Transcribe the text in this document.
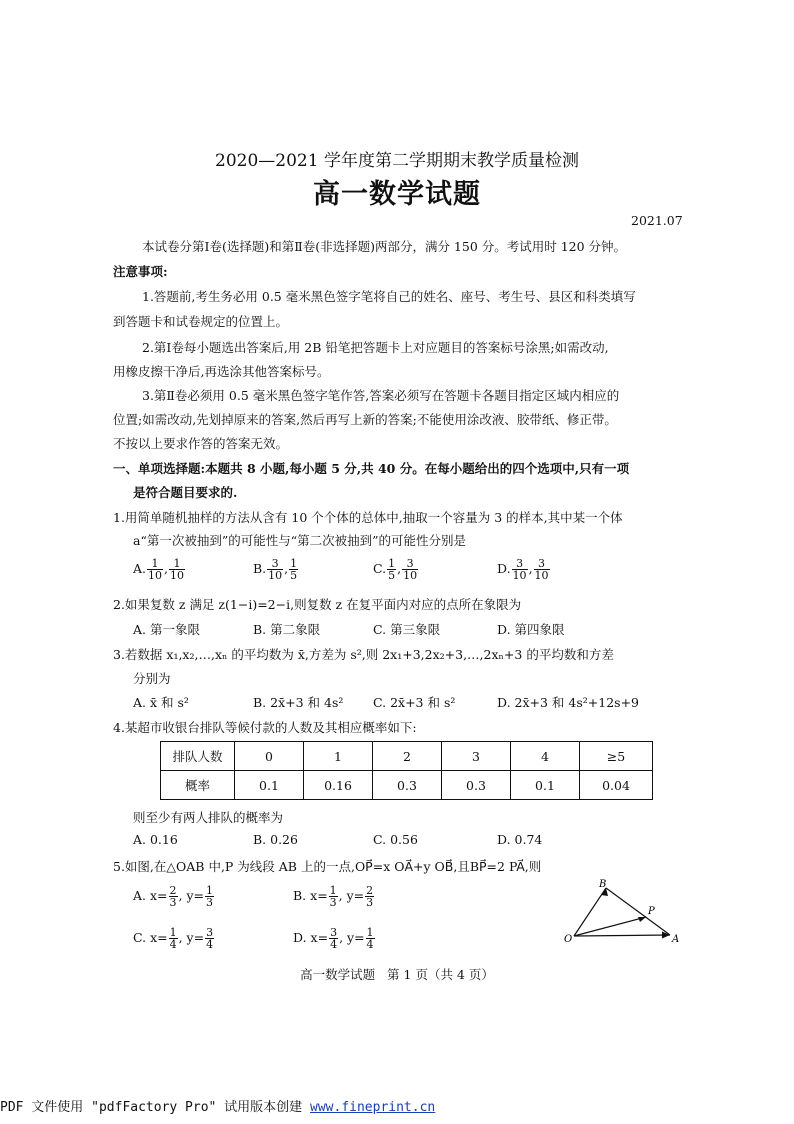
2020—2021 学年度第二学期期末教学质量检测
高一数学试题
2021.07
本试卷分第Ⅰ卷(选择题)和第Ⅱ卷(非选择题)两部分，满分 150 分。考试用时 120 分钟。
注意事项:
1.答题前,考生务必用 0.5 毫米黑色签字笔将自己的姓名、座号、考生号、县区和科类填写
到答题卡和试卷规定的位置上。
2.第Ⅰ卷每小题选出答案后,用 2B 铅笔把答题卡上对应题目的答案标号涂黑;如需改动,
用橡皮擦干净后,再选涂其他答案标号。
3.第Ⅱ卷必须用 0.5 毫米黑色签字笔作答,答案必须写在答题卡各题目指定区域内相应的
位置;如需改动,先划掉原来的答案,然后再写上新的答案;不能使用涂改液、胶带纸、修正带。
不按以上要求作答的答案无效。
一、单项选择题:本题共 8 小题,每小题 5 分,共 40 分。在每小题给出的四个选项中,只有一项
是符合题目要求的.
1.用简单随机抽样的方法从含有 10 个个体的总体中,抽取一个容量为 3 的样本,其中某一个体
a“第一次被抽到”的可能性与“第二次被抽到”的可能性分别是
A. $\frac{1}{10}$ , $\frac{1}{10}$	B. $\frac{3}{10}$ , $\frac{1}{5}$	C. $\frac{1}{5}$ , $\frac{3}{10}$	D. $\frac{3}{10}$ , $\frac{3}{10}$
2.如果复数 z 满足 z(1−i)=2−i,则复数 z 在复平面内对应的点所在象限为
A. 第一象限	B. 第二象限	C. 第三象限	D. 第四象限
3.若数据 x₁,x₂,…,xₙ 的平均数为 x̄,方差为 s²,则 2x₁+3,2x₂+3,…,2xₙ+3 的平均数和方差
分别为
A. x̄ 和 s²	B. 2x̄+3 和 4s² C. 2x̄+3 和 s²	D. 2x̄+3 和 4s²+12s+9
4.某超市收银台排队等候付款的人数及其相应概率如下:
排队人数	0	1	2	3	4	≥5
概率	0.1	0.16	0.3	0.3	0.1	0.04
则至少有两人排队的概率为
A. 0.16	B. 0.26	C. 0.56	D. 0.74
5.如图,在△OAB 中,P 为线段 AB 上的一点,OP⃗=x OA⃗+y OB⃗,且BP⃗=2 PA⃗,则
A. $x= \frac{2}{3}$ , $y= \frac{1}{3}$	B. $x= \frac{1}{3}$ , $y= \frac{2}{3}$
C. $x= \frac{1}{4}$ , $y= \frac{3}{4}$	D. $x= \frac{3}{4}$ , $y= \frac{1}{4}$
B
P
O	A
高一数学试题   第 1 页（共 4 页）
PDF 文件使用 "pdfFactory Pro" 试用版本创建 www.fineprint.cn
